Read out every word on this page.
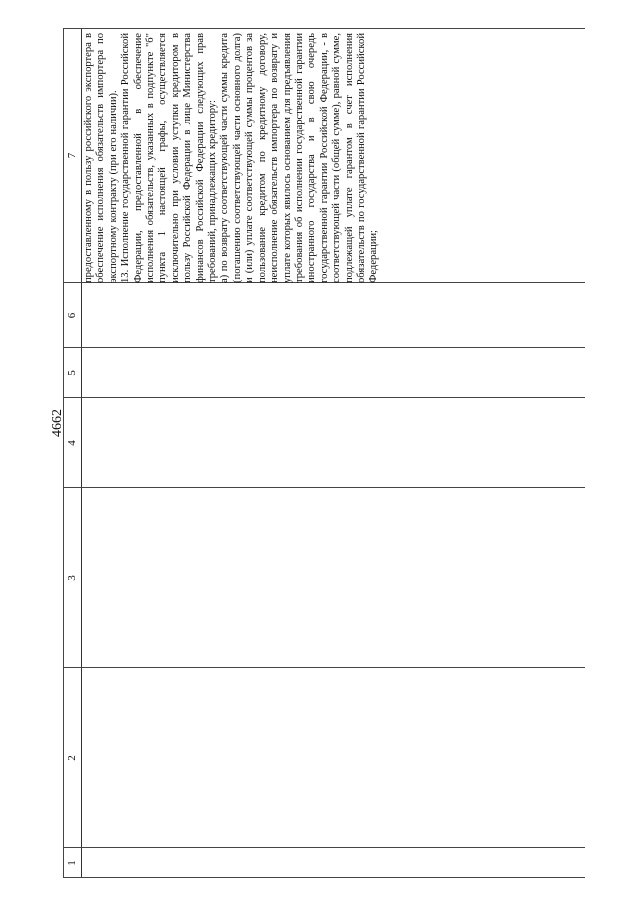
4662
1
2
3
4
5
6
7 предоставленному в пользу российского экспортера в обеспечение исполнения обязательств импортера по экспортному контракту (при его наличии). 13. Исполнение государственной гарантии Российской Федерации, предоставленной в обеспечение исполнения обязательств, указанных в подпункте "б" пункта 1 настоящей графы, осуществляется исключительно при условии уступки кредитором в пользу Российской Федерации в лице Министерства финансов Российской Федерации следующих прав требований, принадлежащих кредитору: а) по возврату соответствующей части суммы кредита (погашению соответствующей части основного долга) и (или) уплате соответствующей суммы процентов за пользование кредитом по кредитному договору, неисполнение обязательств импортера по возврату и уплате которых явилось основанием для предъявления требования об исполнении государственной гарантии иностранного государства и в свою очередь государственной гарантии Российской Федерации, - в соответствующей части (общей сумме), равной сумме, подлежащей уплате гарантом в счет исполнения обязательств по государственной гарантии Российской Федерации;
